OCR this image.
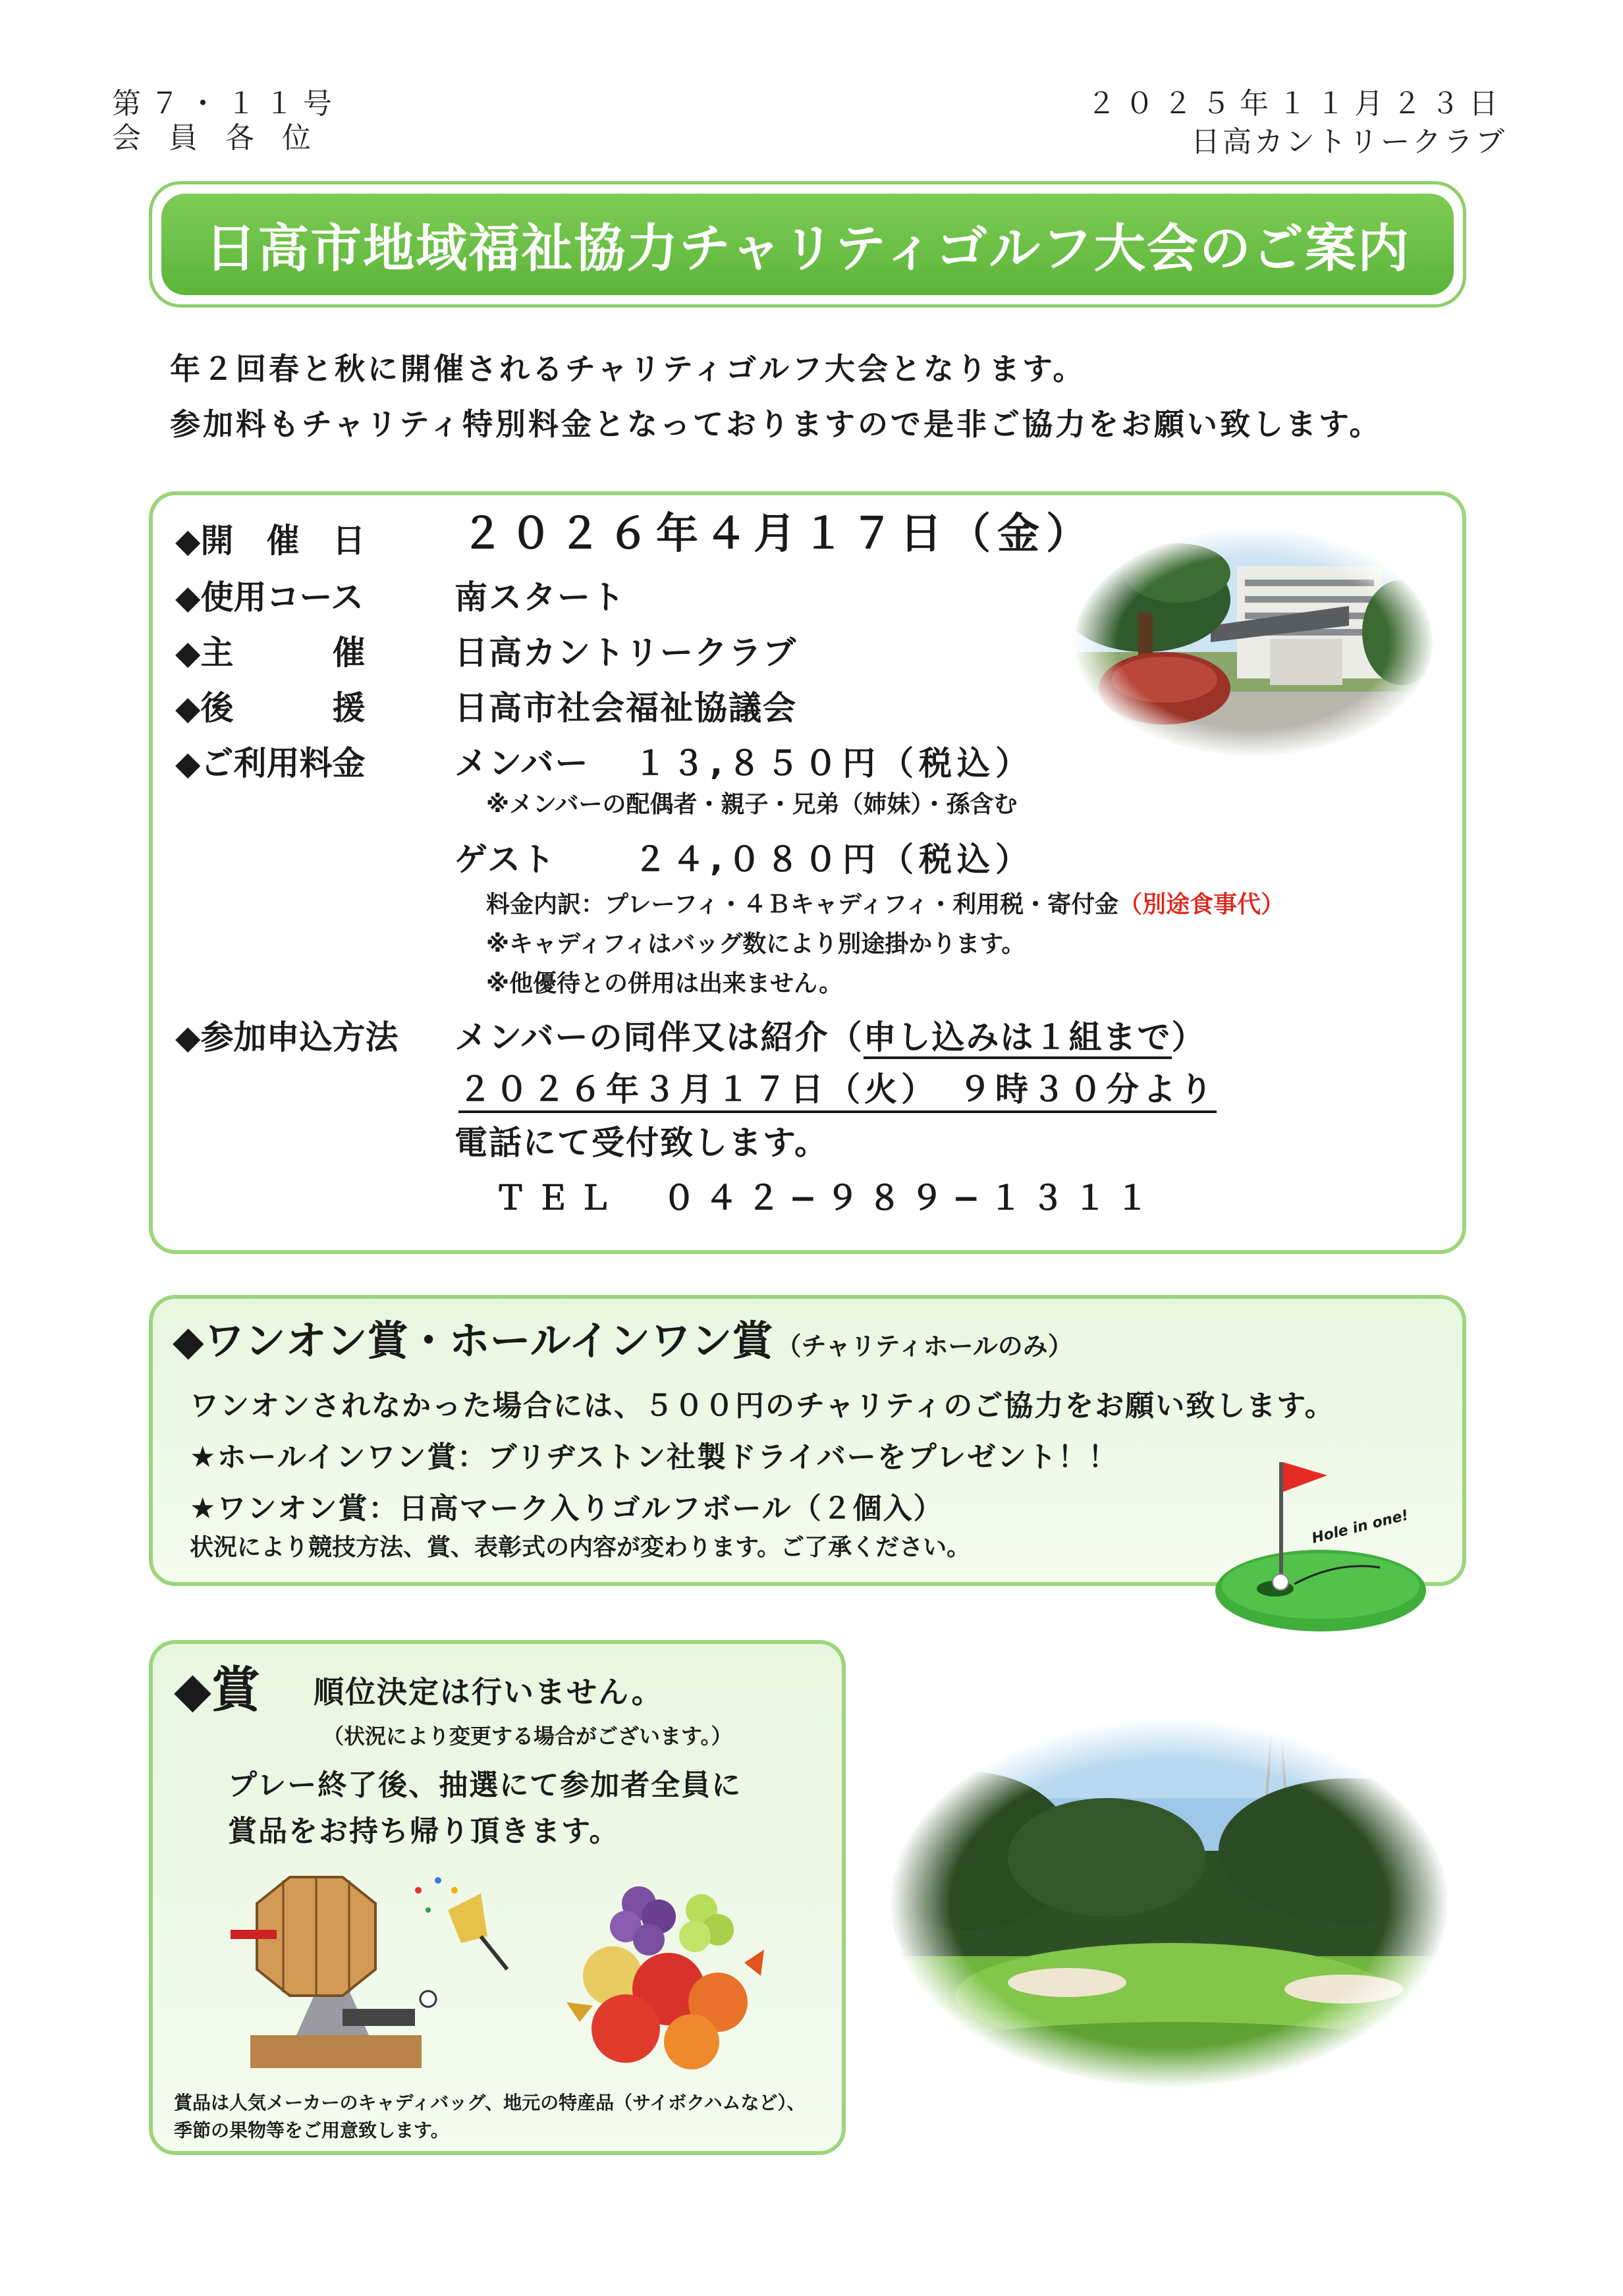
第７・１１号
会 員 各 位
２０２５年１１月２３日
日高カントリークラブ
日高市地域福祉協力チャリティゴルフ大会のご案内
年２回春と秋に開催されるチャリティゴルフ大会となります。
参加料もチャリティ特別料金となっておりますので是非ご協力をお願い致します。
◆開　催　日 ２０２６年４月１７日（金）
◆使用コース	南スタート
◆主　　　催	日高カントリークラブ
◆後　　　援	日高市社会福祉協議会
◆ご利用料金	メンバー １３,８５０円（税込）
※メンバーの配偶者・親子・兄弟（姉妹）・孫含む
ゲスト ２４,０８０円（税込）
料金内訳：プレーフィ・４Ｂキャディフィ・利用税・寄付金（別途食事代）
※キャディフィはバッグ数により別途掛かります。
※他優待との併用は出来ません。
◆参加申込方法 メンバーの同伴又は紹介（申し込みは１組まで）
２０２６年３月１７日（火）　９時３０分より
電話にて受付致します。
ＴＥＬ　０４２−９８９−１３１１
◆ワンオン賞・ホールインワン賞 （チャリティホールのみ）
ワンオンされなかった場合には、５００円のチャリティのご協力をお願い致します。
★ホールインワン賞：ブリヂストン社製ドライバーをプレゼント！！
★ワンオン賞：日高マーク入りゴルフボール（２個入）
状況により競技方法、賞、表彰式の内容が変わります。ご了承ください。
Hole in one!
◆賞 順位決定は行いません。
（状況により変更する場合がございます。）
プレー終了後、抽選にて参加者全員に
賞品をお持ち帰り頂きます。
賞品は人気メーカーのキャディバッグ、地元の特産品（サイボクハムなど）、
季節の果物等をご用意致します。
